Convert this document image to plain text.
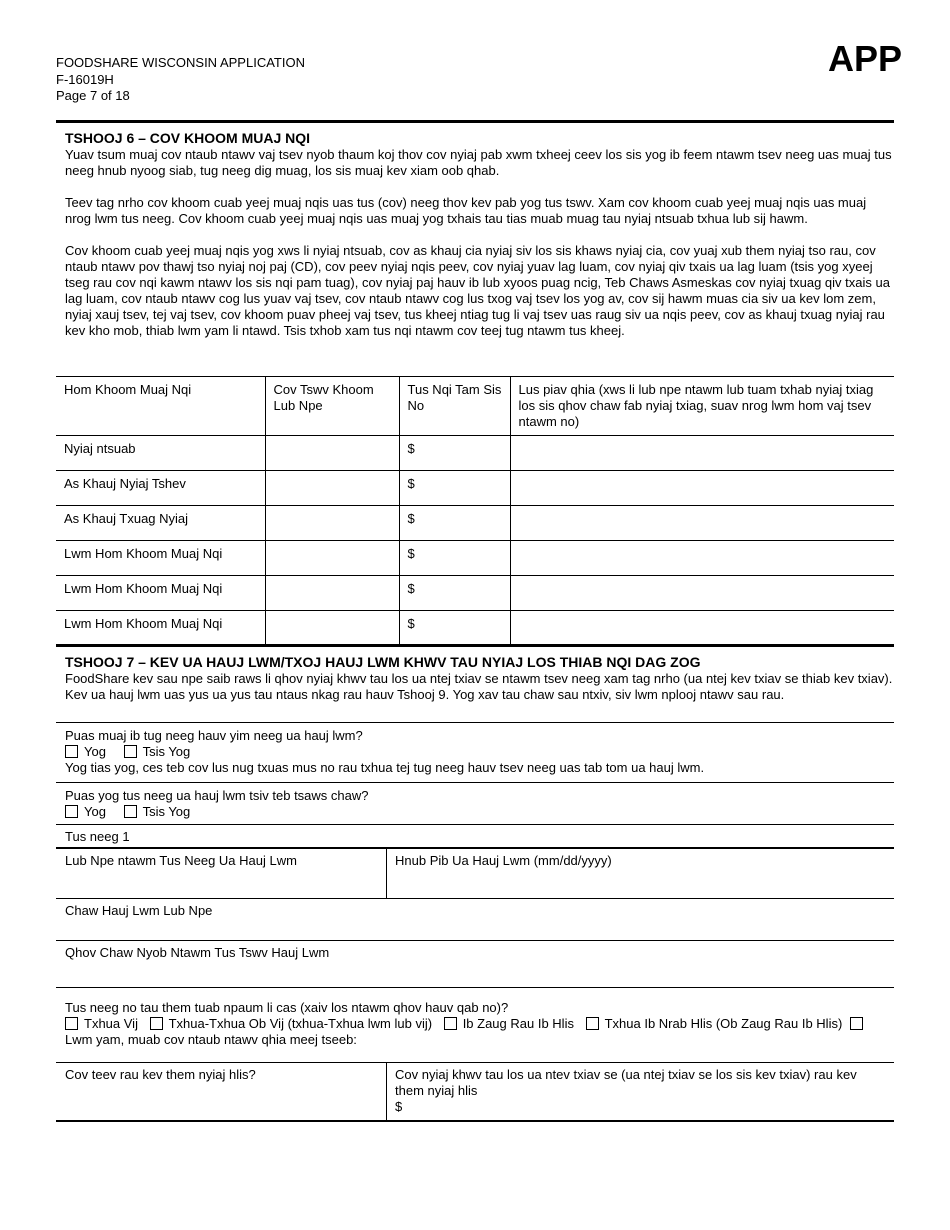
FOODSHARE WISCONSIN APPLICATION
F-16019H
Page 7 of 18
APP
TSHOOJ 6 – COV KHOOM MUAJ NQI

Yuav tsum muaj cov ntaub ntawv vaj tsev nyob thaum koj thov cov nyiaj pab xwm txheej ceev los sis yog ib feem ntawm tsev neeg uas muaj tus neeg hnub nyoog siab, tug neeg dig muag, los sis muaj kev xiam oob qhab.

Teev tag nrho cov khoom cuab yeej muaj nqis uas tus (cov) neeg thov kev pab yog tus tswv. Xam cov khoom cuab yeej muaj nqis uas muaj nrog lwm tus neeg. Cov khoom cuab yeej muaj nqis uas muaj yog txhais tau tias muab muag tau nyiaj ntsuab txhua lub sij hawm.

Cov khoom cuab yeej muaj nqis yog xws li nyiaj ntsuab, cov as khauj cia nyiaj siv los sis khaws nyiaj cia, cov yuaj xub them nyiaj tso rau, cov ntaub ntawv pov thawj tso nyiaj noj paj (CD), cov peev nyiaj nqis peev, cov nyiaj yuav lag luam, cov nyiaj qiv txais ua lag luam (tsis yog xyeej tseg rau cov nqi kawm ntawv los sis nqi pam tuag), cov nyiaj paj hauv ib lub xyoos puag ncig, Teb Chaws Asmeskas cov nyiaj txuag qiv txais ua lag luam, cov ntaub ntawv cog lus yuav vaj tsev, cov ntaub ntawv cog lus txog vaj tsev los yog av, cov sij hawm muas cia siv ua kev lom zem, nyiaj xauj tsev, tej vaj tsev, cov khoom puav pheej vaj tsev, tus kheej ntiag tug li vaj tsev uas raug siv ua nqis peev, cov as khauj txuag nyiaj rau kev kho mob, thiab lwm yam li ntawd. Tsis txhob xam tus nqi ntawm cov teej tug ntawm tus kheej.

Hom Khoom Muaj Nqi	Cov Tswv Khoom Lub Npe	Tus Nqi Tam Sis No	Lus piav qhia (xws li lub npe ntawm lub tuam txhab nyiaj txiag los sis qhov chaw fab nyiaj txiag, suav nrog lwm hom vaj tsev ntawm no)
Nyiaj ntsuab		$	
As Khauj Nyiaj Tshev		$	
As Khauj Txuag Nyiaj		$	
Lwm Hom Khoom Muaj Nqi		$	
Lwm Hom Khoom Muaj Nqi		$	
Lwm Hom Khoom Muaj Nqi		$	
TSHOOJ 7 – KEV UA HAUJ LWM/TXOJ HAUJ LWM KHWV TAU NYIAJ LOS THIAB NQI DAG ZOG

FoodShare kev sau npe saib raws li qhov nyiaj khwv tau los ua ntej txiav se ntawm tsev neeg xam tag nrho (ua ntej kev txiav se thiab kev txiav). Kev ua hauj lwm uas yus ua yus tau ntaus nkag rau hauv Tshooj 9. Yog xav tau chaw sau ntxiv, siv lwm nplooj ntawv sau rau.

Puas muaj ib tug neeg hauv yim neeg ua hauj lwm?
Yog	Tsis Yog
Yog tias yog, ces teb cov lus nug txuas mus no rau txhua tej tug neeg hauv tsev neeg uas tab tom ua hauj lwm.
Puas yog tus neeg ua hauj lwm tsiv teb tsaws chaw?
Yog	Tsis Yog
Tus neeg 1
Lub Npe ntawm Tus Neeg Ua Hauj Lwm	Hnub Pib Ua Hauj Lwm (mm/dd/yyyy)
Chaw Hauj Lwm Lub Npe
Qhov Chaw Nyob Ntawm Tus Tswv Hauj Lwm
Tus neeg no tau them tuab npaum li cas (xaiv los ntawm qhov hauv qab no)?
Txhua Vij Txhua-Txhua Ob Vij (txhua-Txhua lwm lub vij) Ib Zaug Rau Ib Hlis Txhua Ib Nrab Hlis (Ob Zaug Rau Ib Hlis) Lwm yam, muab cov ntaub ntawv qhia meej tseeb:
Cov teev rau kev them nyiaj hlis?	Cov nyiaj khwv tau los ua ntev txiav se (ua ntej txiav se los sis kev txiav) rau kev them nyiaj hlis
$
